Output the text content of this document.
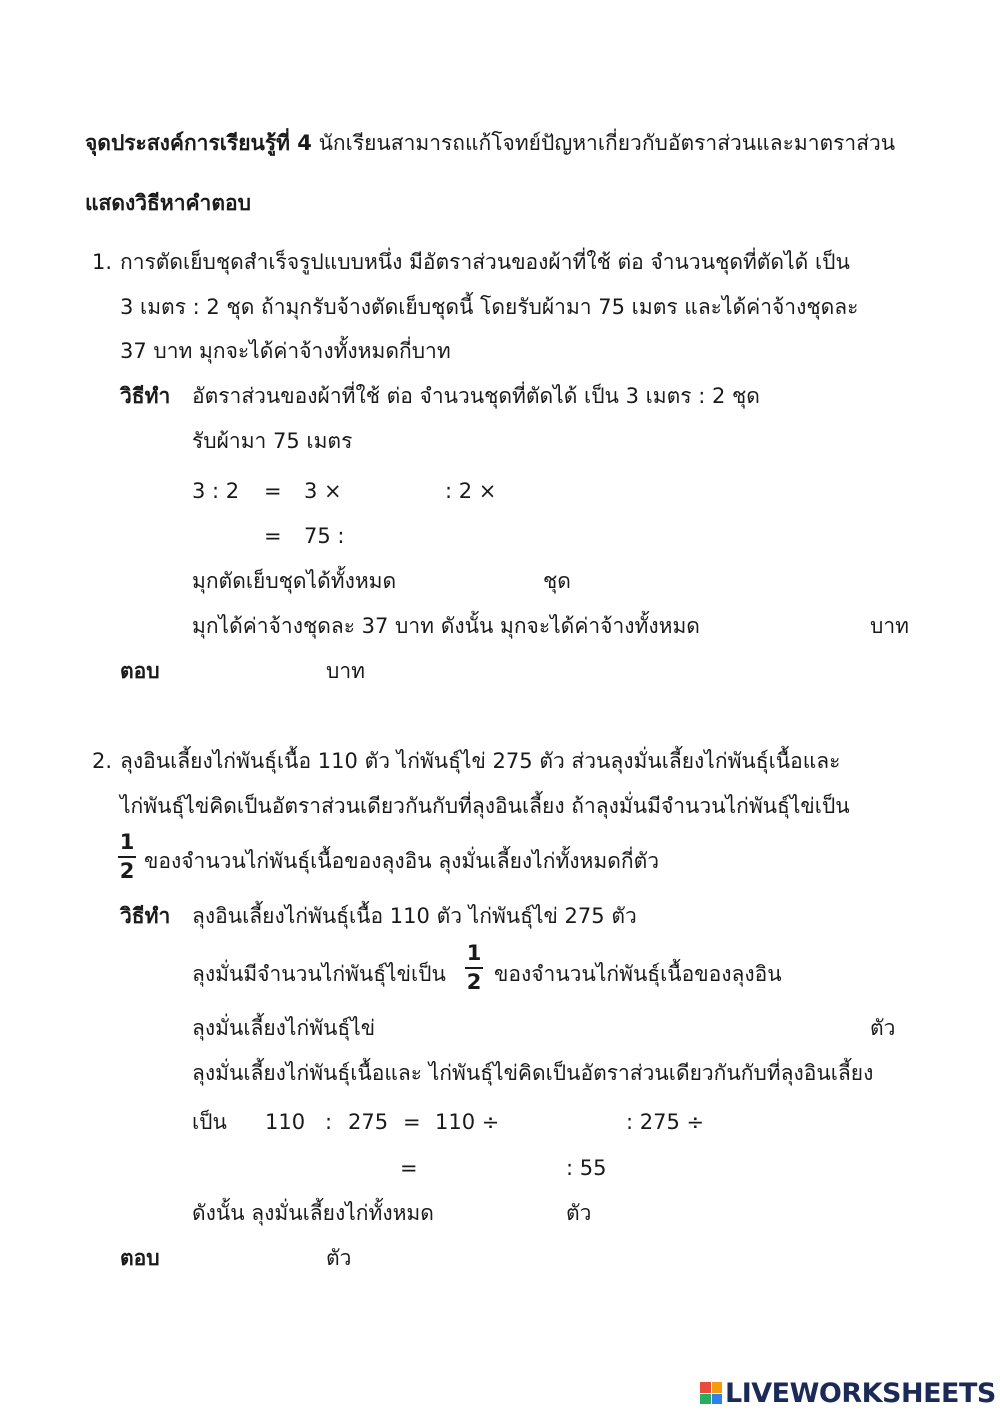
จุดประสงค์การเรียนรู้ที่ 4 นักเรียนสามารถแก้โจทย์ปัญหาเกี่ยวกับอัตราส่วนและมาตราส่วน
แสดงวิธีหาคำตอบ
1. การตัดเย็บชุดสำเร็จรูปแบบหนึ่ง มีอัตราส่วนของผ้าที่ใช้ ต่อ จำนวนชุดที่ตัดได้ เป็น
3 เมตร : 2 ชุด ถ้ามุกรับจ้างตัดเย็บชุดนี้ โดยรับผ้ามา 75 เมตร และได้ค่าจ้างชุดละ
37 บาท มุกจะได้ค่าจ้างทั้งหมดกี่บาท
วิธีทำ อัตราส่วนของผ้าที่ใช้ ต่อ จำนวนชุดที่ตัดได้ เป็น 3 เมตร : 2 ชุด
รับผ้ามา 75 เมตร
3 : 2 = 3 ×	: 2 ×
= 75 :
มุกตัดเย็บชุดได้ทั้งหมด	ชุด
มุกได้ค่าจ้างชุดละ 37 บาท ดังนั้น มุกจะได้ค่าจ้างทั้งหมด	บาท
ตอบ	บาท
2. ลุงอินเลี้ยงไก่พันธุ์เนื้อ 110 ตัว ไก่พันธุ์ไข่ 275 ตัว ส่วนลุงมั่นเลี้ยงไก่พันธุ์เนื้อและ
ไก่พันธุ์ไข่คิดเป็นอัตราส่วนเดียวกันกับที่ลุงอินเลี้ยง ถ้าลุงมั่นมีจำนวนไก่พันธุ์ไข่เป็น
1
2 ของจำนวนไก่พันธุ์เนื้อของลุงอิน ลุงมั่นเลี้ยงไก่ทั้งหมดกี่ตัว
วิธีทำ ลุงอินเลี้ยงไก่พันธุ์เนื้อ 110 ตัว ไก่พันธุ์ไข่ 275 ตัว
ลุงมั่นมีจำนวนไก่พันธุ์ไข่เป็น
1
2 ของจำนวนไก่พันธุ์เนื้อของลุงอิน
ลุงมั่นเลี้ยงไก่พันธุ์ไข่	ตัว
ลุงมั่นเลี้ยงไก่พันธุ์เนื้อและ ไก่พันธุ์ไข่คิดเป็นอัตราส่วนเดียวกันกับที่ลุงอินเลี้ยง
เป็น 110 : 275 = 110 ÷	: 275 ÷
=	: 55
ดังนั้น ลุงมั่นเลี้ยงไก่ทั้งหมด	ตัว
ตอบ	ตัว
LIVEWORKSHEETS
